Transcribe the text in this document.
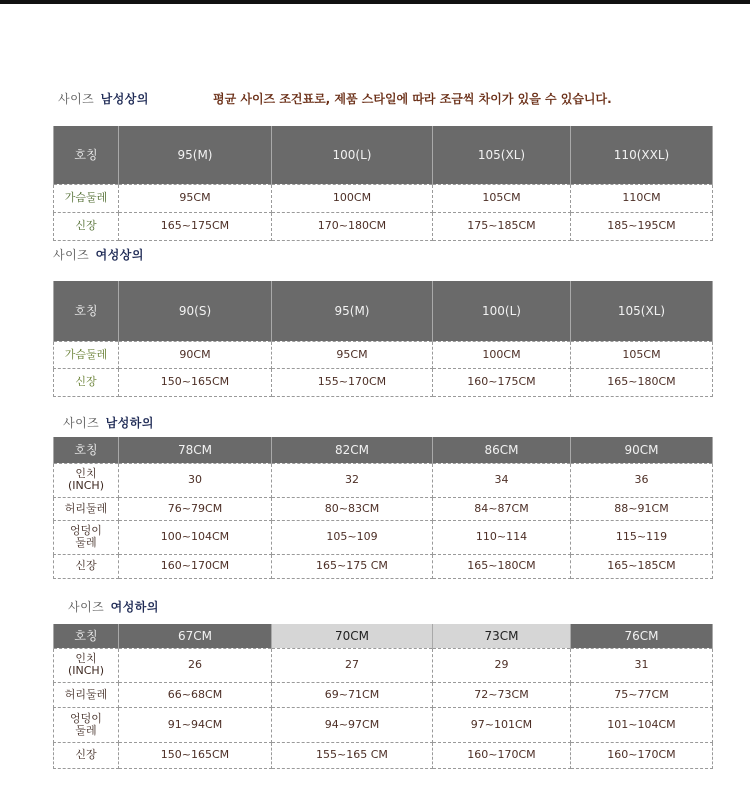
사이즈 남성상의	평균 사이즈 조건표로, 제품 스타일에 따라 조금씩 차이가 있을 수 있습니다.
호칭	95(M)	100(L)	105(XL)	110(XXL)
가슴둘레	95CM	100CM	105CM	110CM
신장	165~175CM	170~180CM	175~185CM	185~195CM
사이즈 여성상의
호칭	90(S)	95(M)	100(L)	105(XL)
가슴둘레	90CM	95CM	100CM	105CM
신장	150~165CM	155~170CM	160~175CM	165~180CM
사이즈 남성하의
호칭	78CM	82CM	86CM	90CM
인치
(INCH)	30	32	34	36
허리둘레	76~79CM	80~83CM	84~87CM	88~91CM
엉덩이
둘레	100~104CM	105~109	110~114	115~119
신장	160~170CM	165~175 CM	165~180CM	165~185CM
사이즈 여성하의
호칭	67CM	70CM	73CM	76CM
인치
(INCH)	26	27	29	31
허리둘레	66~68CM	69~71CM	72~73CM	75~77CM
엉덩이
둘레	91~94CM	94~97CM	97~101CM	101~104CM
신장	150~165CM	155~165 CM	160~170CM	160~170CM
